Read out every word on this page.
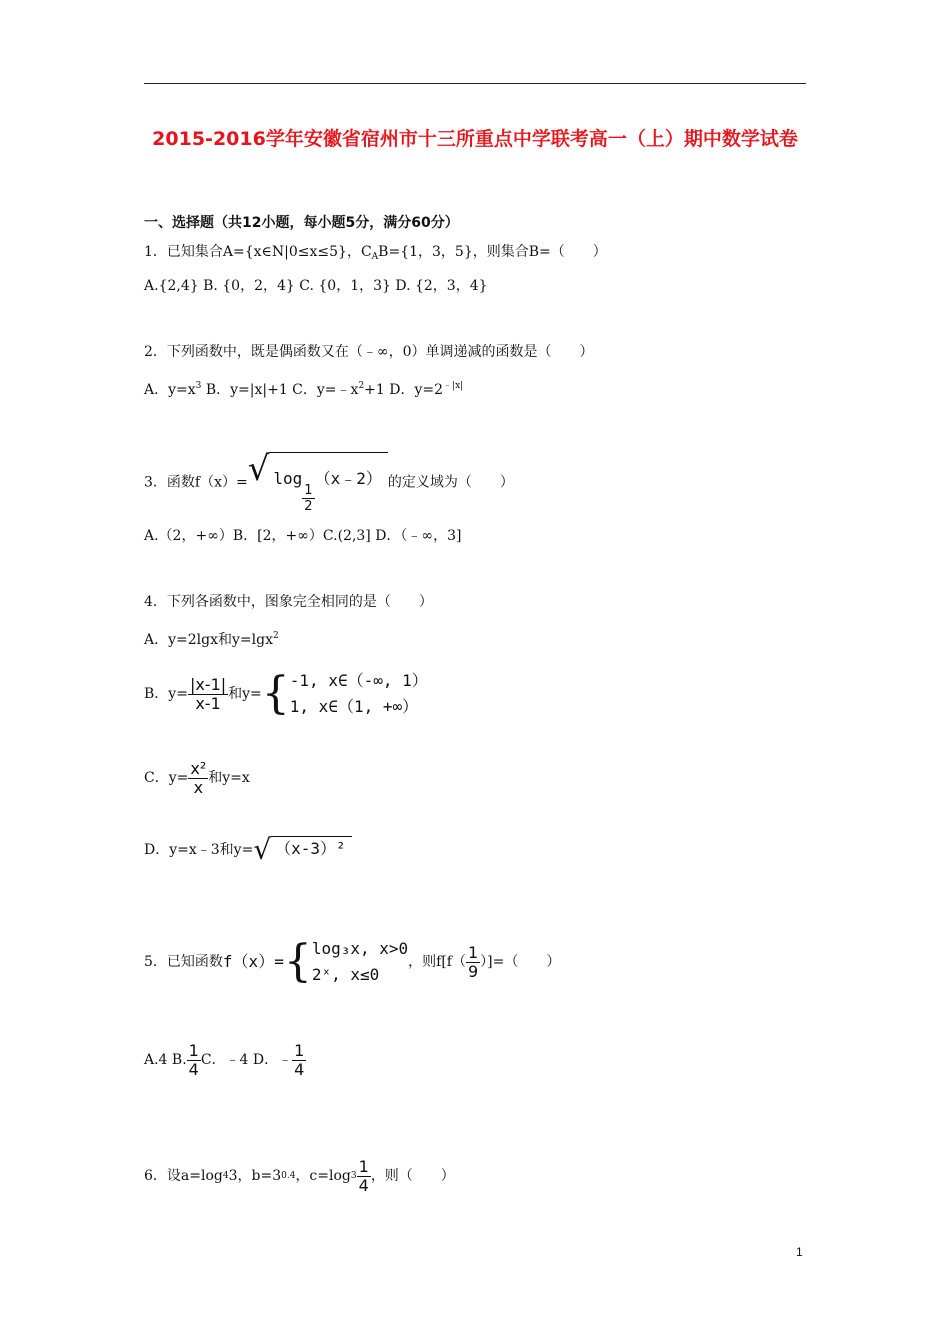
2015-2016学年安徽省宿州市十三所重点中学联考高一（上）期中数学试卷
一、选择题（共12小题，每小题5分，满分60分）
1．已知集合A={x∈N|0≤x≤5}，$C_AB=\{1$，3，5}，则集合B=（　　）
A.{2,4} B. {0，2，4} C. {0，1，3} D. {2，3，4}
2．下列函数中，既是偶函数又在（﹣∞，0）单调递减的函数是（　　）
A．$y=x^3$ B．y=|x|+1 C．$y=﹣x^2+1$ D．$y=2^{﹣|x|}$
3．函数f（x）= √ log
$\frac{1}{2}$
（x﹣2） 的定义域为（　　）
A.（2，+∞）B．[2，+∞）C.(2,3] D．（﹣∞，3]
4．下列各函数中，图象完全相同的是（　　）
A．y=2lgx和y=lgx$^2$
B．$y= \frac{|x-1|}{x-1}$ 和y= { -1, x∈（-∞, 1）
1, x∈（1, +∞）
C．$y= \frac{\text{x²}}{x}$ 和y=x
D．y=x﹣3和y= √ （x-3）²
5．已知函数 f（x）= { log₃x, x>0
2ˣ, x≤0
，则$f[f( \frac{1}{9}$ ）]=（　　）
A.4 B. $\frac{1}{4}$ C．﹣4 D．﹣ $\frac{1}{4}$
6．设a=log 4 3，b=3 0.4 ，c=log $3 \frac{1}{4}$ ，则（　　）
1
